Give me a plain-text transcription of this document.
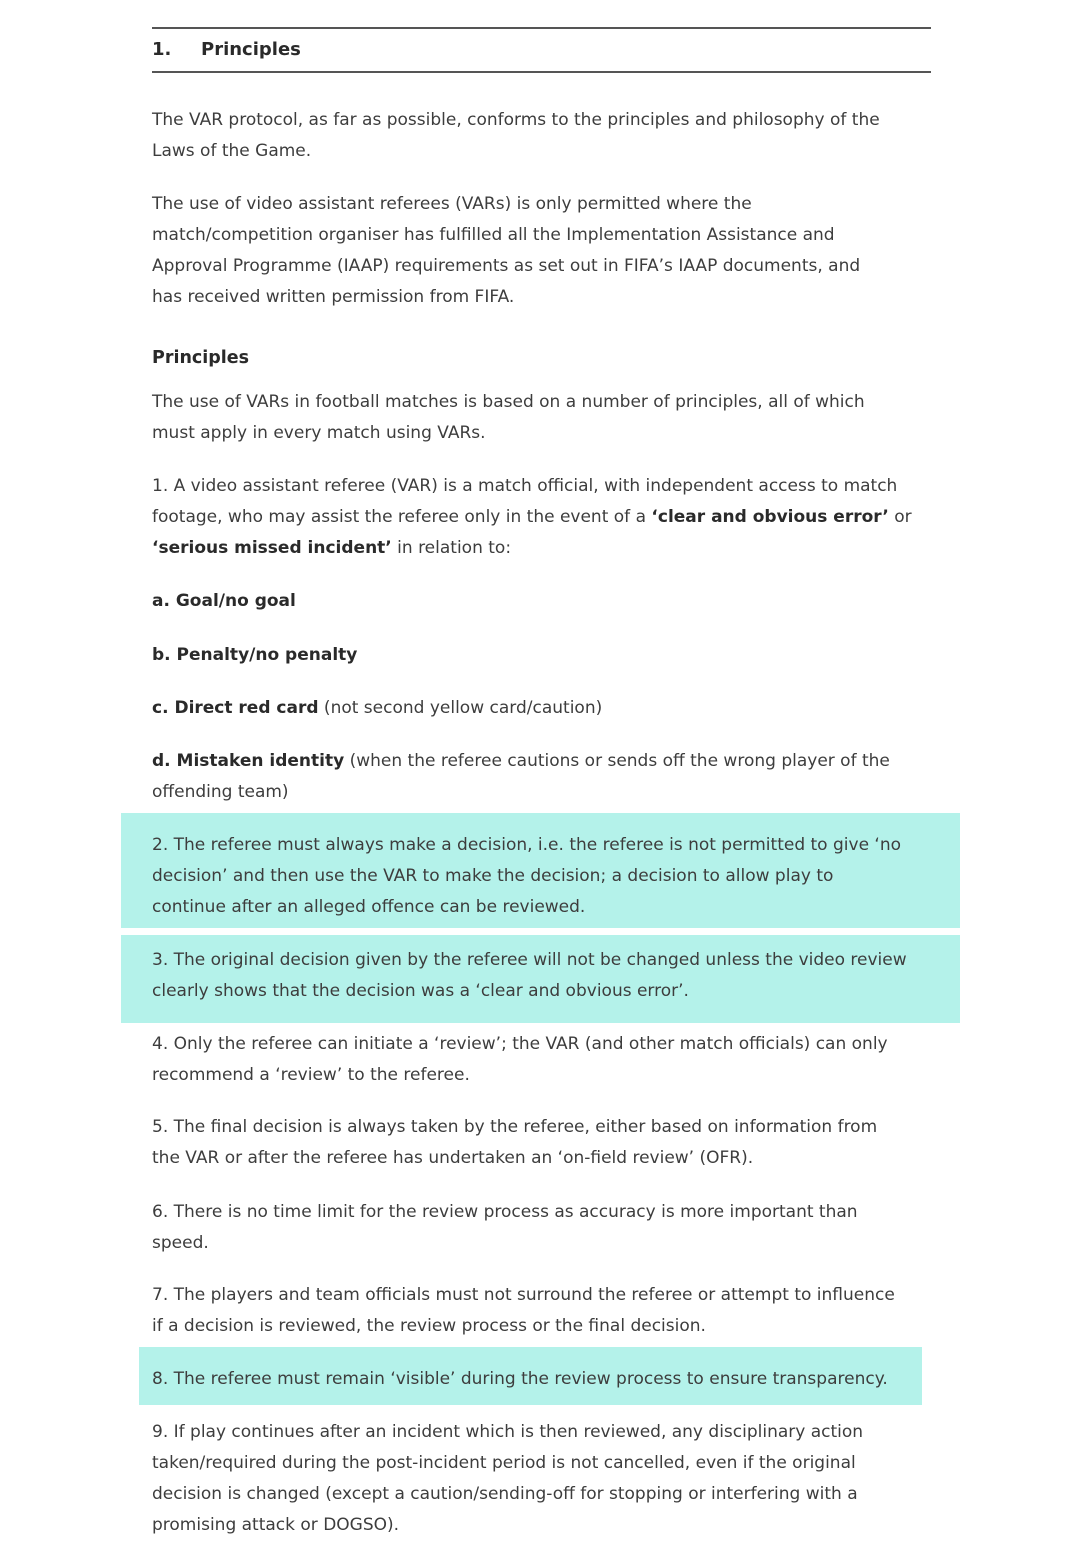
1. Principles

The VAR protocol, as far as possible, conforms to the principles and philosophy of the
Laws of the Game.

The use of video assistant referees (VARs) is only permitted where the
match/competition organiser has fulfilled all the Implementation Assistance and
Approval Programme (IAAP) requirements as set out in FIFA’s IAAP documents, and
has received written permission from FIFA.

Principles

The use of VARs in football matches is based on a number of principles, all of which
must apply in every match using VARs.

1. A video assistant referee (VAR) is a match official, with independent access to match
footage, who may assist the referee only in the event of a ‘clear and obvious error’ or
‘serious missed incident’ in relation to:

a. Goal/no goal

b. Penalty/no penalty

c. Direct red card (not second yellow card/caution)

d. Mistaken identity (when the referee cautions or sends off the wrong player of the
offending team)

2. The referee must always make a decision, i.e. the referee is not permitted to give ‘no
decision’ and then use the VAR to make the decision; a decision to allow play to
continue after an alleged offence can be reviewed.

3. The original decision given by the referee will not be changed unless the video review
clearly shows that the decision was a ‘clear and obvious error’.

4. Only the referee can initiate a ‘review’; the VAR (and other match officials) can only
recommend a ‘review’ to the referee.

5. The final decision is always taken by the referee, either based on information from
the VAR or after the referee has undertaken an ‘on-field review’ (OFR).

6. There is no time limit for the review process as accuracy is more important than
speed.

7. The players and team officials must not surround the referee or attempt to influence
if a decision is reviewed, the review process or the final decision.

8. The referee must remain ‘visible’ during the review process to ensure transparency.

9. If play continues after an incident which is then reviewed, any disciplinary action
taken/required during the post-incident period is not cancelled, even if the original
decision is changed (except a caution/sending-off for stopping or interfering with a
promising attack or DOGSO).
